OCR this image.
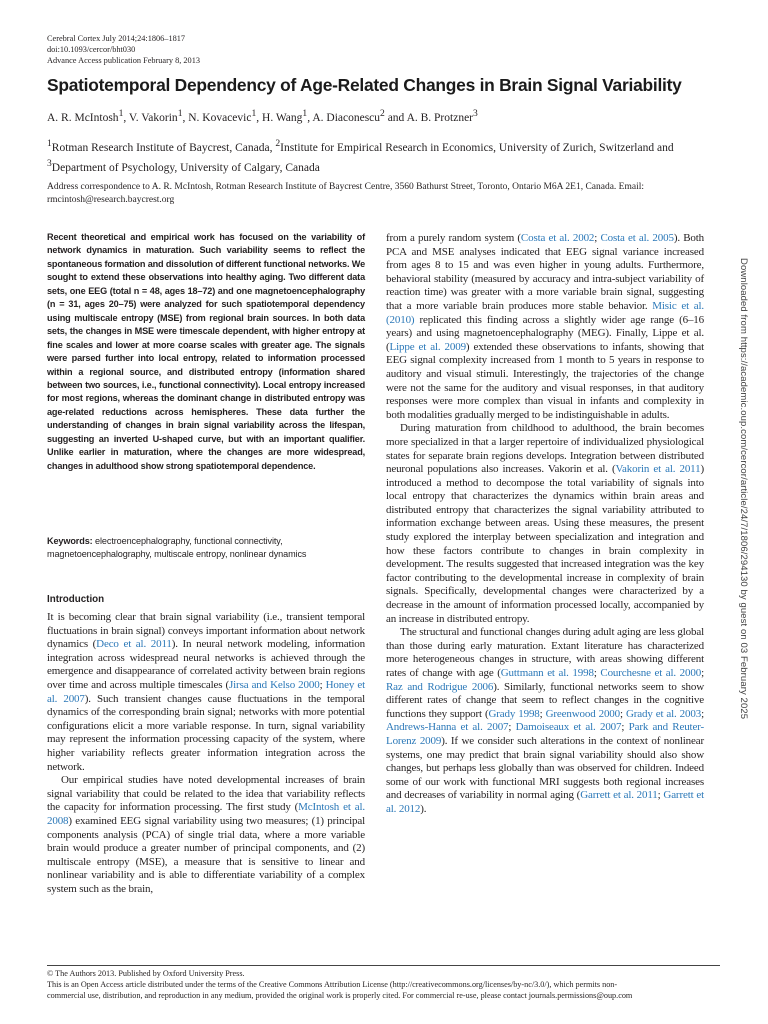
Cerebral Cortex July 2014;24:1806–1817
doi:10.1093/cercor/bht030
Advance Access publication February 8, 2013
Spatiotemporal Dependency of Age-Related Changes in Brain Signal Variability
A. R. McIntosh$^1$, V. Vakorin$^1$, N. Kovacevic$^1$, H. Wang$^1$, A. Diaconescu$^2$ and A. B. Protzner$^3$
$^1$Rotman Research Institute of Baycrest, Canada, $^2$Institute for Empirical Research in Economics, University of Zurich, Switzerland and $^3$Department of Psychology, University of Calgary, Canada
Address correspondence to A. R. McIntosh, Rotman Research Institute of Baycrest Centre, 3560 Bathurst Street, Toronto, Ontario M6A 2E1, Canada. Email: rmcintosh@research.baycrest.org

Recent theoretical and empirical work has focused on the variability of network dynamics in maturation. Such variability seems to reflect the spontaneous formation and dissolution of different functional networks. We sought to extend these observations into healthy aging. Two different data sets, one EEG (total n = 48, ages 18–72) and one magnetoencephalography (n = 31, ages 20–75) were analyzed for such spatiotemporal dependency using multiscale entropy (MSE) from regional brain sources. In both data sets, the changes in MSE were timescale dependent, with higher entropy at fine scales and lower at more coarse scales with greater age. The signals were parsed further into local entropy, related to information processed within a regional source, and distributed entropy (information shared between two sources, i.e., functional connectivity). Local entropy increased for most regions, whereas the dominant change in distributed entropy was age-related reductions across hemispheres. These data further the understanding of changes in brain signal variability across the lifespan, suggesting an inverted U-shaped curve, but with an important qualifier. Unlike earlier in maturation, where the changes are more widespread, changes in adulthood show strong spatiotemporal dependence.

Keywords: electroencephalography, functional connectivity, magnetoencephalography, multiscale entropy, nonlinear dynamics
Introduction

It is becoming clear that brain signal variability (i.e., transient temporal fluctuations in brain signal) conveys important information about network dynamics (Deco et al. 2011). In neural network modeling, information integration across widespread neural networks is achieved through the emergence and disappearance of correlated activity between brain regions over time and across multiple timescales (Jirsa and Kelso 2000; Honey et al. 2007). Such transient changes cause fluctuations in the temporal dynamics of the corresponding brain signal; networks with more potential configurations elicit a more variable response. In turn, signal variability may represent the information processing capacity of the system, where higher variability reflects greater information integration across the network.

Our empirical studies have noted developmental increases of brain signal variability that could be related to the idea that variability reflects the capacity for information processing. The first study (McIntosh et al. 2008) examined EEG signal variability using two measures; (1) principal components analysis (PCA) of single trial data, where a more variable brain would produce a greater number of principal components, and (2) multiscale entropy (MSE), a measure that is sensitive to linear and nonlinear variability and is able to differentiate variability of a complex system such as the brain,

from a purely random system (Costa et al. 2002; Costa et al. 2005). Both PCA and MSE analyses indicated that EEG signal variance increased from ages 8 to 15 and was even higher in young adults. Furthermore, behavioral stability (measured by accuracy and intra-subject variability of reaction time) was greater with a more variable brain signal, suggesting that a more variable brain produces more stable behavior. Misic et al. (2010) replicated this finding across a slightly wider age range (6–16 years) and using magnetoencephalography (MEG). Finally, Lippe et al. (Lippe et al. 2009) extended these observations to infants, showing that EEG signal complexity increased from 1 month to 5 years in response to auditory and visual stimuli. Interestingly, the trajectories of the change were not the same for the auditory and visual responses, in that auditory responses were more complex than visual in infants and complexity in both modalities gradually merged to be indistinguishable in adults.

During maturation from childhood to adulthood, the brain becomes more specialized in that a larger repertoire of individualized physiological states for separate brain regions develops. Integration between distributed neuronal populations also increases. Vakorin et al. (Vakorin et al. 2011) introduced a method to decompose the total variability of signals into local entropy that characterizes the dynamics within brain areas and distributed entropy that characterizes the signal variability attributed to information exchange between areas. Using these measures, the present study explored the interplay between specialization and integration and how these factors contribute to changes in brain complexity in development. The results suggested that increased integration was the key factor contributing to the developmental increase in complexity of brain signals. Specifically, developmental changes were characterized by a decrease in the amount of information processed locally, accompanied by an increase in distributed entropy.

The structural and functional changes during adult aging are less global than those during early maturation. Extant literature has characterized more heterogeneous changes in structure, with areas showing different rates of change with age (Guttmann et al. 1998; Courchesne et al. 2000; Raz and Rodrigue 2006). Similarly, functional networks seem to show different rates of change that seem to reflect changes in the cognitive functions they support (Grady 1998; Greenwood 2000; Grady et al. 2003; Andrews-Hanna et al. 2007; Damoiseaux et al. 2007; Park and Reuter-Lorenz 2009). If we consider such alterations in the context of nonlinear systems, one may predict that brain signal variability should also show changes, but perhaps less globally than was observed for children. Indeed some of our work with functional MRI suggests both regional increases and decreases of variability in normal aging (Garrett et al. 2011; Garrett et al. 2012).

Downloaded from https://academic.oup.com/cercor/article/24/7/1806/294130 by guest on 03 February 2025
© The Authors 2013. Published by Oxford University Press.
This is an Open Access article distributed under the terms of the Creative Commons Attribution License (http://creativecommons.org/licenses/by-nc/3.0/), which permits non-
commercial use, distribution, and reproduction in any medium, provided the original work is properly cited. For commercial re-use, please contact journals.permissions@oup.com
